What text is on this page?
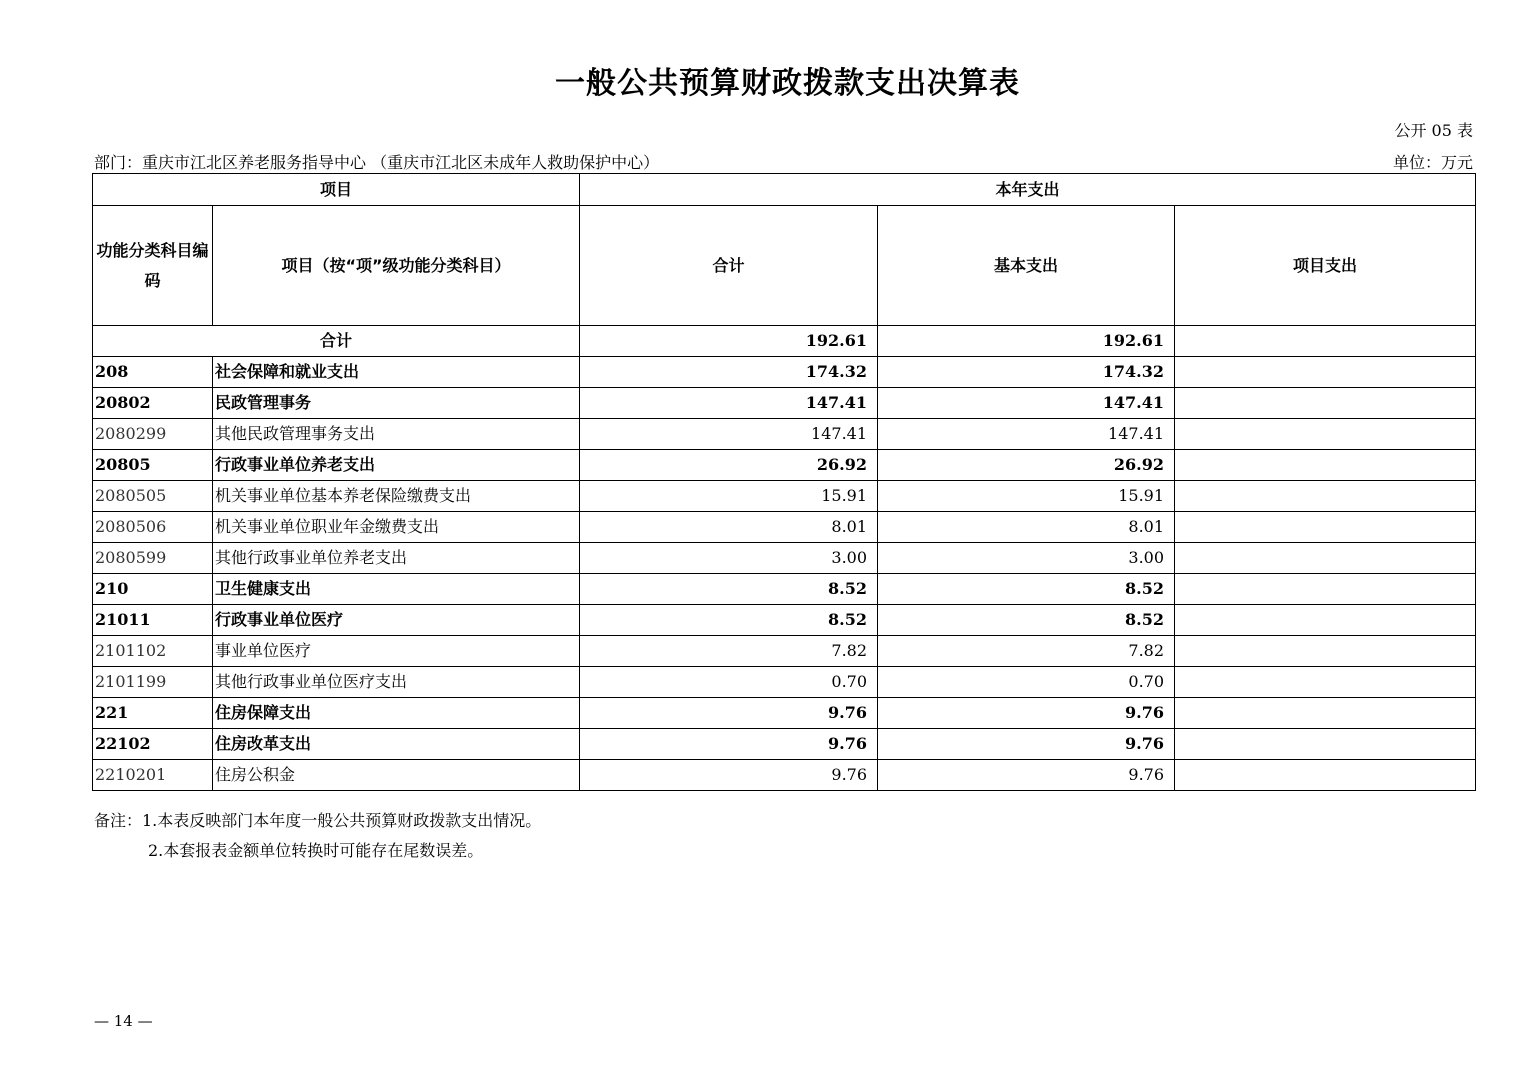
一般公共预算财政拨款支出决算表
公开 05 表
部门：重庆市江北区养老服务指导中心 （重庆市江北区未成年人救助保护中心）	单位：万元
项目		本年支出		
功能分类科目编码	项目（按“项”级功能分类科目）	合计	基本支出	项目支出
合计		192.61	192.61	
208	社会保障和就业支出	174.32	174.32	
20802	民政管理事务	147.41	147.41	
2080299	其他民政管理事务支出	147.41	147.41	
20805	行政事业单位养老支出	26.92	26.92	
2080505	机关事业单位基本养老保险缴费支出	15.91	15.91	
2080506	机关事业单位职业年金缴费支出	8.01	8.01	
2080599	其他行政事业单位养老支出	3.00	3.00	
210	卫生健康支出	8.52	8.52	
21011	行政事业单位医疗	8.52	8.52	
2101102	事业单位医疗	7.82	7.82	
2101199	其他行政事业单位医疗支出	0.70	0.70	
221	住房保障支出	9.76	9.76	
22102	住房改革支出	9.76	9.76	
2210201	住房公积金	9.76	9.76	
备注：1.本表反映部门本年度一般公共预算财政拨款支出情况。
2.本套报表金额单位转换时可能存在尾数误差。
— 14 —
